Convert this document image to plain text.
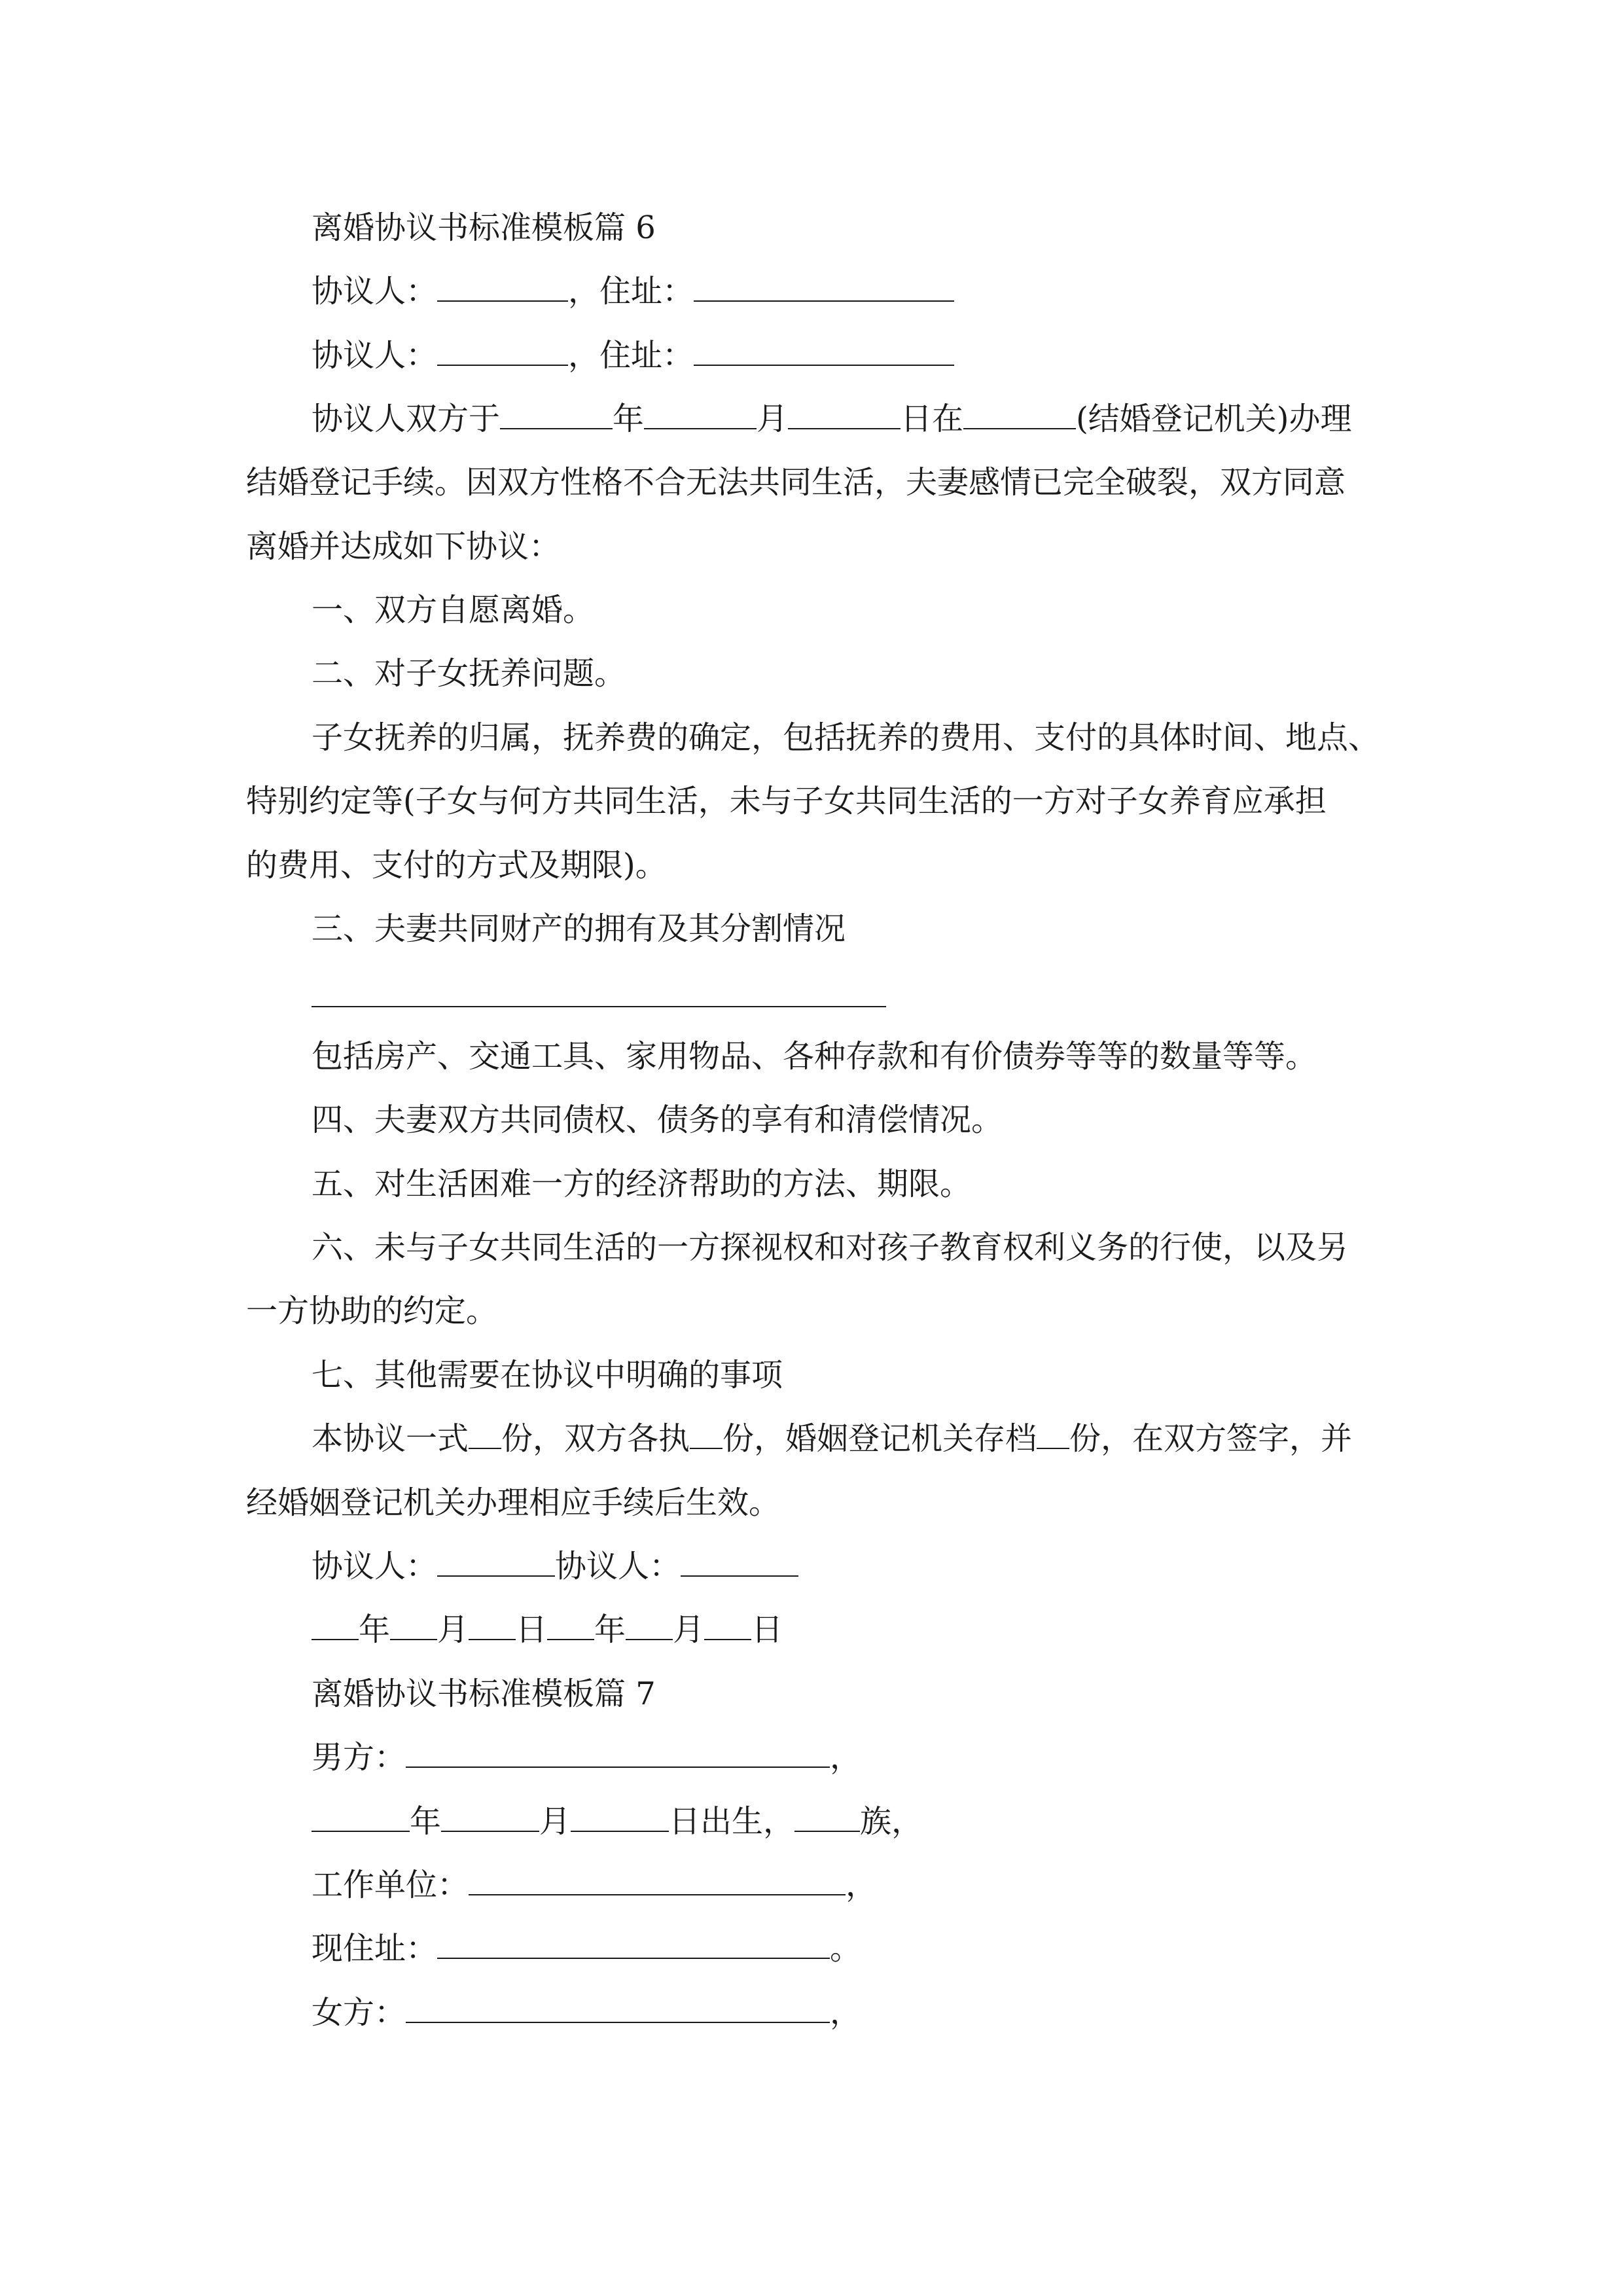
离婚协议书标准模板篇 6
协议人：	，住址：
协议人：	，住址：
协议人双方于	年	月	日在	(结婚登记机关)办理
结婚登记手续。因双方性格不合无法共同生活，夫妻感情已完全破裂，双方同意
离婚并达成如下协议：
一、双方自愿离婚。
二、对子女抚养问题。
子女抚养的归属，抚养费的确定，包括抚养的费用、支付的具体时间、地点、
特别约定等(子女与何方共同生活，未与子女共同生活的一方对子女养育应承担
的费用、支付的方式及期限)。
三、夫妻共同财产的拥有及其分割情况
包括房产、交通工具、家用物品、各种存款和有价债券等等的数量等等。
四、夫妻双方共同债权、债务的享有和清偿情况。
五、对生活困难一方的经济帮助的方法、期限。
六、未与子女共同生活的一方探视权和对孩子教育权利义务的行使，以及另
一方协助的约定。
七、其他需要在协议中明确的事项
本协议一式 份，双方各执 份，婚姻登记机关存档 份，在双方签字，并
经婚姻登记机关办理相应手续后生效。
协议人：	协议人：
年 月 日 年 月 日
离婚协议书标准模板篇 7
男方：	，
年	月	日出生， 族，
工作单位：	，
现住址：	。
女方：	，
